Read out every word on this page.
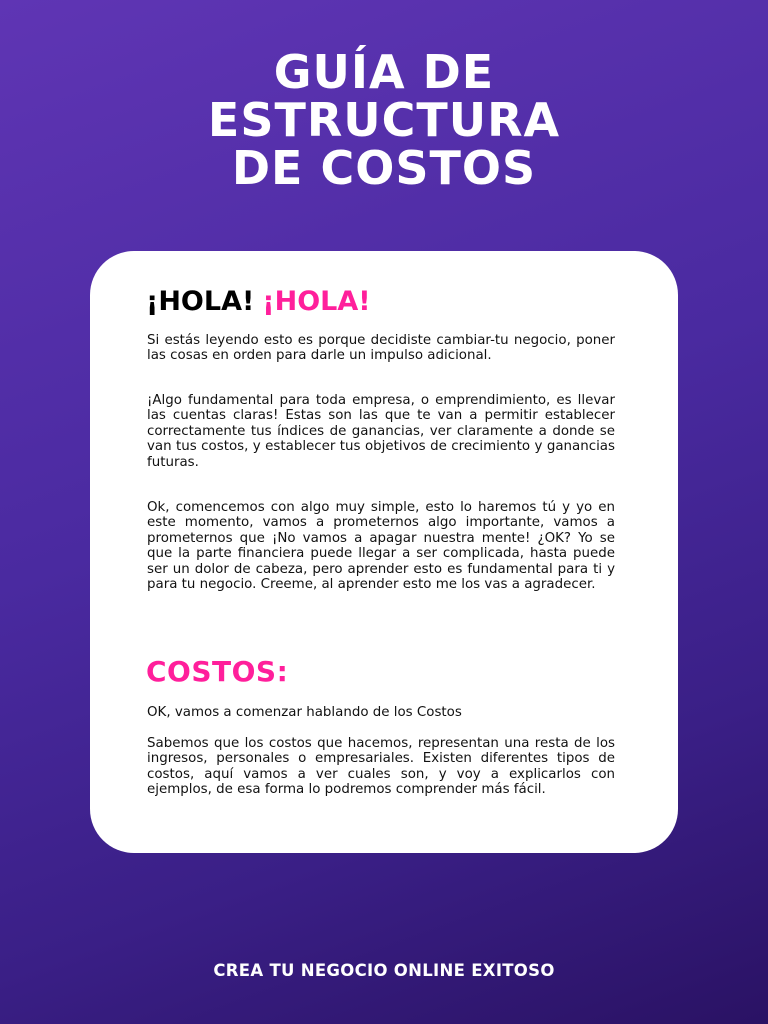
GUÍA DE
ESTRUCTURA
DE COSTOS
¡HOLA! ¡HOLA!

Si estás leyendo esto es porque decidiste cambiar-tu negocio, poner las cosas en orden para darle un impulso adicional.

¡Algo fundamental para toda empresa, o emprendimiento, es llevar las cuentas claras! Estas son las que te van a permitir establecer correctamente tus índices de ganancias, ver claramente a donde se van tus costos, y establecer tus objetivos de crecimiento y ganancias futuras.

Ok, comencemos con algo muy simple, esto lo haremos tú y yo en este momento, vamos a prometernos algo importante, vamos a prometernos que ¡No vamos a apagar nuestra mente! ¿OK? Yo se que la parte financiera puede llegar a ser complicada, hasta puede ser un dolor de cabeza, pero aprender esto es fundamental para ti y para tu negocio. Creeme, al aprender esto me los vas a agradecer.

COSTOS:

OK, vamos a comenzar hablando de los Costos

Sabemos que los costos que hacemos, representan una resta de los ingresos, personales o empresariales. Existen diferentes tipos de costos, aquí vamos a ver cuales son, y voy a explicarlos con ejemplos, de esa forma lo podremos comprender más fácil.

CREA TU NEGOCIO ONLINE EXITOSO
